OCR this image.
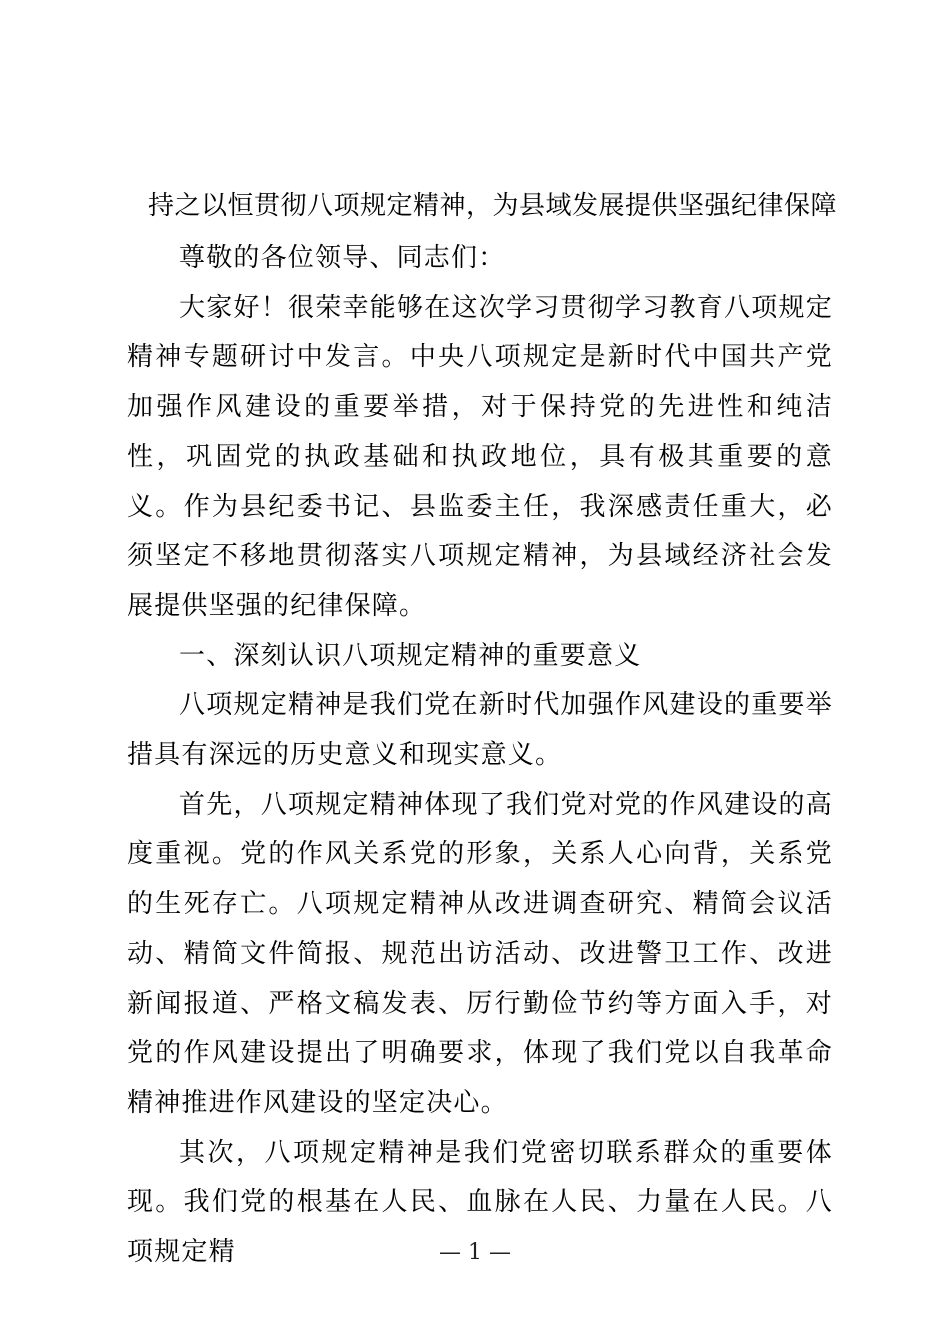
持之以恒贯彻八项规定精神，为县域发展提供坚强纪律保障

尊敬的各位领导、同志们：

大家好！很荣幸能够在这次学习贯彻学习教育八项规定精神专题研讨中发言。中央八项规定是新时代中国共产党加强作风建设的重要举措，对于保持党的先进性和纯洁性，巩固党的执政基础和执政地位，具有极其重要的意义。作为县纪委书记、县监委主任，我深感责任重大，必须坚定不移地贯彻落实八项规定精神，为县域经济社会发展提供坚强的纪律保障。

一、深刻认识八项规定精神的重要意义

八项规定精神是我们党在新时代加强作风建设的重要举措具有深远的历史意义和现实意义。

首先，八项规定精神体现了我们党对党的作风建设的高度重视。党的作风关系党的形象，关系人心向背，关系党的生死存亡。八项规定精神从改进调查研究、精简会议活动、精简文件简报、规范出访活动、改进警卫工作、改进新闻报道、严格文稿发表、厉行勤俭节约等方面入手，对党的作风建设提出了明确要求，体现了我们党以自我革命精神推进作风建设的坚定决心。

其次，八项规定精神是我们党密切联系群众的重要体现。我们党的根基在人民、血脉在人民、力量在人民。八项规定精	— 1 —
